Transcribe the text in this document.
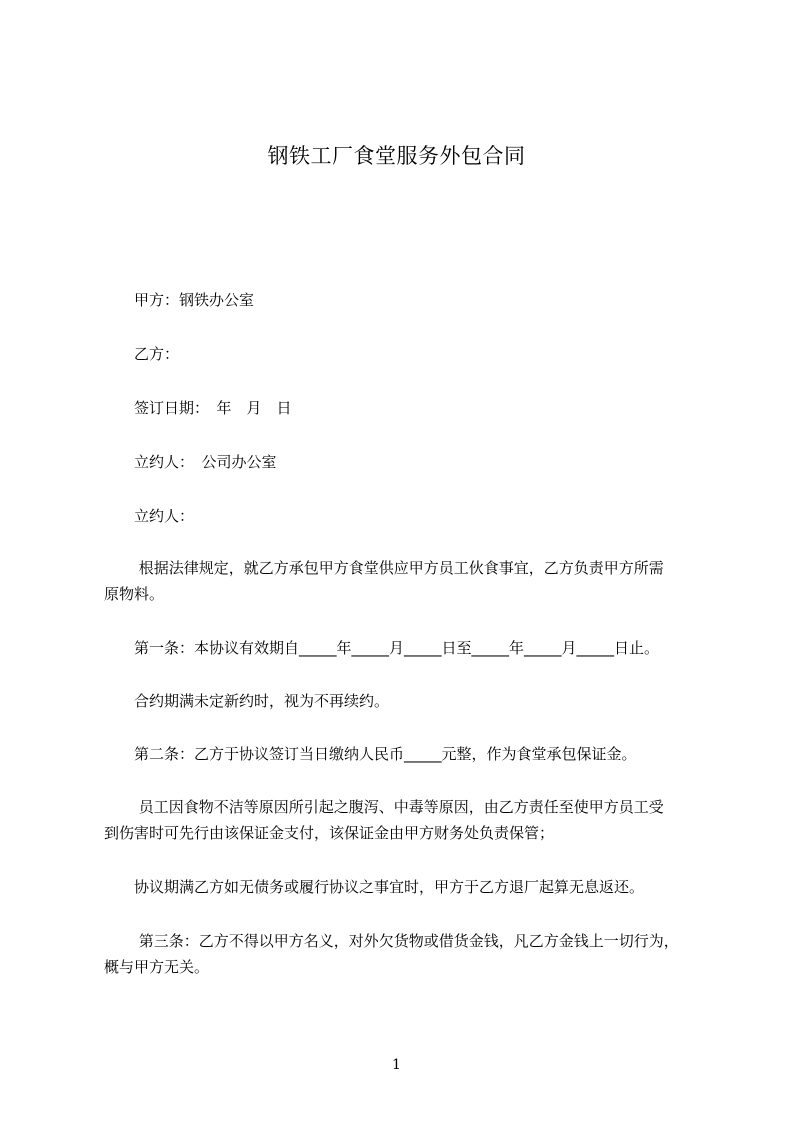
钢铁工厂食堂服务外包合同
　　甲方：钢铁办公室
　　乙方：
　　签订日期：　年　月　日
　　立约人：　公司办公室
　　立约人：
　　 根据法律规定，就乙方承包甲方食堂供应甲方员工伙食事宜，乙方负责甲方所需
原物料。
　　第一条：本协议有效期自_____年_____月_____日至_____年_____月_____日止。
　　合约期满未定新约时，视为不再续约。
　　第二条：乙方于协议签订当日缴纳人民币_____元整，作为食堂承包保证金。
　　 员工因食物不洁等原因所引起之腹泻、中毒等原因，由乙方责任至使甲方员工受
到伤害时可先行由该保证金支付，该保证金由甲方财务处负责保管；
　　协议期满乙方如无债务或履行协议之事宜时，甲方于乙方退厂起算无息返还。
　　 第三条：乙方不得以甲方名义，对外欠货物或借货金钱，凡乙方金钱上一切行为，
概与甲方无关。
1
